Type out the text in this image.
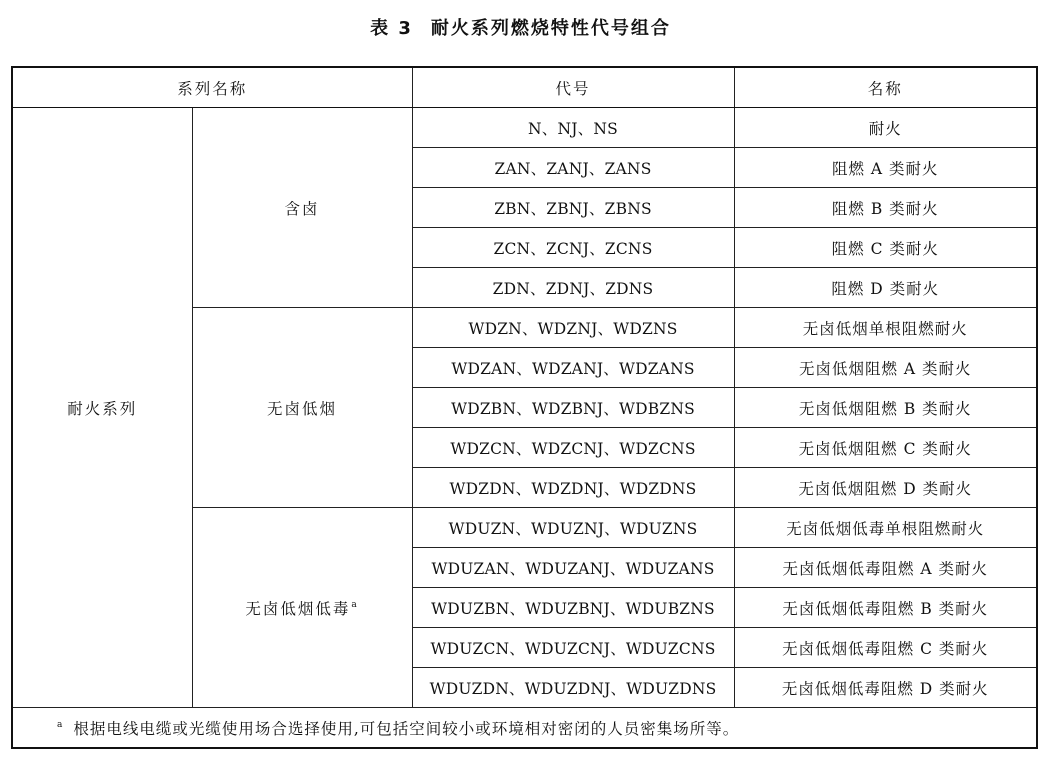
表 3 耐火系列燃烧特性代号组合
系列名称		代号	名称
耐火系列	含卤	N、NJ、NS	耐火
		ZAN、ZANJ、ZANS	阻燃 A 类耐火
		ZBN、ZBNJ、ZBNS	阻燃 B 类耐火
		ZCN、ZCNJ、ZCNS	阻燃 C 类耐火
		ZDN、ZDNJ、ZDNS	阻燃 D 类耐火
	无卤低烟	WDZN、WDZNJ、WDZNS	无卤低烟单根阻燃耐火
		WDZAN、WDZANJ、WDZANS	无卤低烟阻燃 A 类耐火
		WDZBN、WDZBNJ、WDBZNS	无卤低烟阻燃 B 类耐火
		WDZCN、WDZCNJ、WDZCNS	无卤低烟阻燃 C 类耐火
		WDZDN、WDZDNJ、WDZDNS	无卤低烟阻燃 D 类耐火
	无卤低烟低毒$^a$	WDUZN、WDUZNJ、WDUZNS	无卤低烟低毒单根阻燃耐火
		WDUZAN、WDUZANJ、WDUZANS	无卤低烟低毒阻燃 A 类耐火
		WDUZBN、WDUZBNJ、WDUBZNS	无卤低烟低毒阻燃 B 类耐火
		WDUZCN、WDUZCNJ、WDUZCNS	无卤低烟低毒阻燃 C 类耐火
		WDUZDN、WDUZDNJ、WDUZDNS	无卤低烟低毒阻燃 D 类耐火
$^a$ 根据电线电缆或光缆使用场合选择使用,可包括空间较小或环境相对密闭的人员密集场所等。			
